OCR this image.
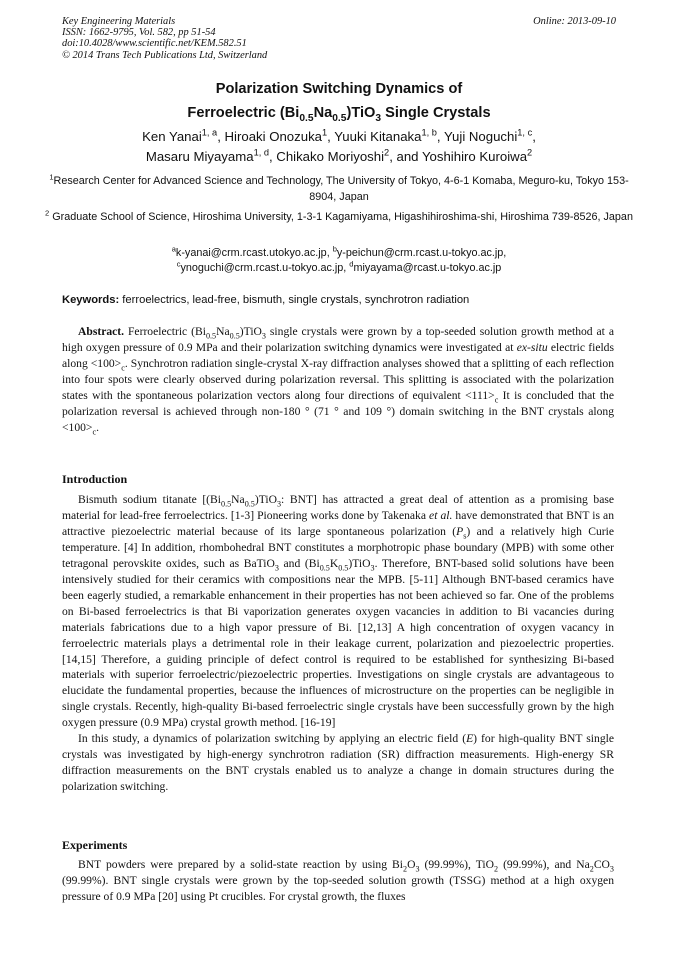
Key Engineering Materials
ISSN: 1662-9795, Vol. 582, pp 51-54
doi:10.4028/www.scientific.net/KEM.582.51
© 2014 Trans Tech Publications Ltd, Switzerland
Online: 2013-09-10
Polarization Switching Dynamics of
Ferroelectric $(Bi_{0.5}Na_{0.5})TiO_3$ Single Crystals
Ken Yanai$^{1, a}$, Hiroaki Onozuka$^1$, Yuuki Kitanaka$^{1, b}$, Yuji Noguchi$^{1, c}$,
Masaru Miyayama$^{1, d}$, Chikako Moriyoshi$^2$, and Yoshihiro Kuroiwa$^2$
$^1$Research Center for Advanced Science and Technology, The University of Tokyo, 4-6-1 Komaba, Meguro-ku, Tokyo 153-8904, Japan
$^2$ Graduate School of Science, Hiroshima University, 1-3-1 Kagamiyama, Higashihiroshima-shi, Hiroshima 739-8526, Japan
$^a$k-yanai@crm.rcast.utokyo.ac.jp, $^b$y-peichun@crm.rcast.u-tokyo.ac.jp,
$^c$ynoguchi@crm.rcast.u-tokyo.ac.jp, $^d$miyayama@rcast.u-tokyo.ac.jp
Keywords: ferroelectrics, lead-free, bismuth, single crystals, synchrotron radiation
Abstract. Ferroelectric $(Bi_{0.5}Na_{0.5})TiO_3$ single crystals were grown by a top-seeded solution growth method at a high oxygen pressure of 0.9 MPa and their polarization switching dynamics were investigated at ex-situ electric fields along $<100>_c$. Synchrotron radiation single-crystal X-ray diffraction analyses showed that a splitting of each reflection into four spots were clearly observed during polarization reversal. This splitting is associated with the polarization states with the spontaneous polarization vectors along four directions of equivalent $<111>_c$ It is concluded that the polarization reversal is achieved through non-180 ° (71 ° and 109 °) domain switching in the BNT crystals along $<100>_c$.
Introduction

Bismuth sodium titanate [$(Bi_{0.5}Na_{0.5})TiO_3$: BNT] has attracted a great deal of attention as a promising base material for lead-free ferroelectrics. [1-3] Pioneering works done by Takenaka et al. have demonstrated that BNT is an attractive piezoelectric material because of its large spontaneous polarization $(P_s)$ and a relatively high Curie temperature. [4] In addition, rhombohedral BNT constitutes a morphotropic phase boundary (MPB) with some other tetragonal perovskite oxides, such as BaTiO$_3$ and $(Bi_{0.5}K_{0.5})TiO_3$. Therefore, BNT-based solid solutions have been intensively studied for their ceramics with compositions near the MPB. [5-11] Although BNT-based ceramics have been eagerly studied, a remarkable enhancement in their properties has not been achieved so far. One of the problems on Bi-based ferroelectrics is that Bi vaporization generates oxygen vacancies in addition to Bi vacancies during materials fabrications due to a high vapor pressure of Bi. [12,13] A high concentration of oxygen vacancy in ferroelectric materials plays a detrimental role in their leakage current, polarization and piezoelectric properties. [14,15] Therefore, a guiding principle of defect control is required to be established for synthesizing Bi-based materials with superior ferroelectric/piezoelectric properties. Investigations on single crystals are advantageous to elucidate the fundamental properties, because the influences of microstructure on the properties can be negligible in single crystals. Recently, high-quality Bi-based ferroelectric single crystals have been successfully grown by the high oxygen pressure (0.9 MPa) crystal growth method. [16-19]

In this study, a dynamics of polarization switching by applying an electric field (E) for high-quality BNT single crystals was investigated by high-energy synchrotron radiation (SR) diffraction measurements. High-energy SR diffraction measurements on the BNT crystals enabled us to analyze a change in domain structures during the polarization switching.

Experiments
BNT powders were prepared by a solid-state reaction by using $Bi_2O_3$ (99.99%), TiO$_2$ (99.99%), and $Na_2CO_3$ (99.99%). BNT single crystals were grown by the top-seeded solution growth (TSSG) method at a high oxygen pressure of 0.9 MPa [20] using Pt crucibles. For crystal growth, the fluxes
